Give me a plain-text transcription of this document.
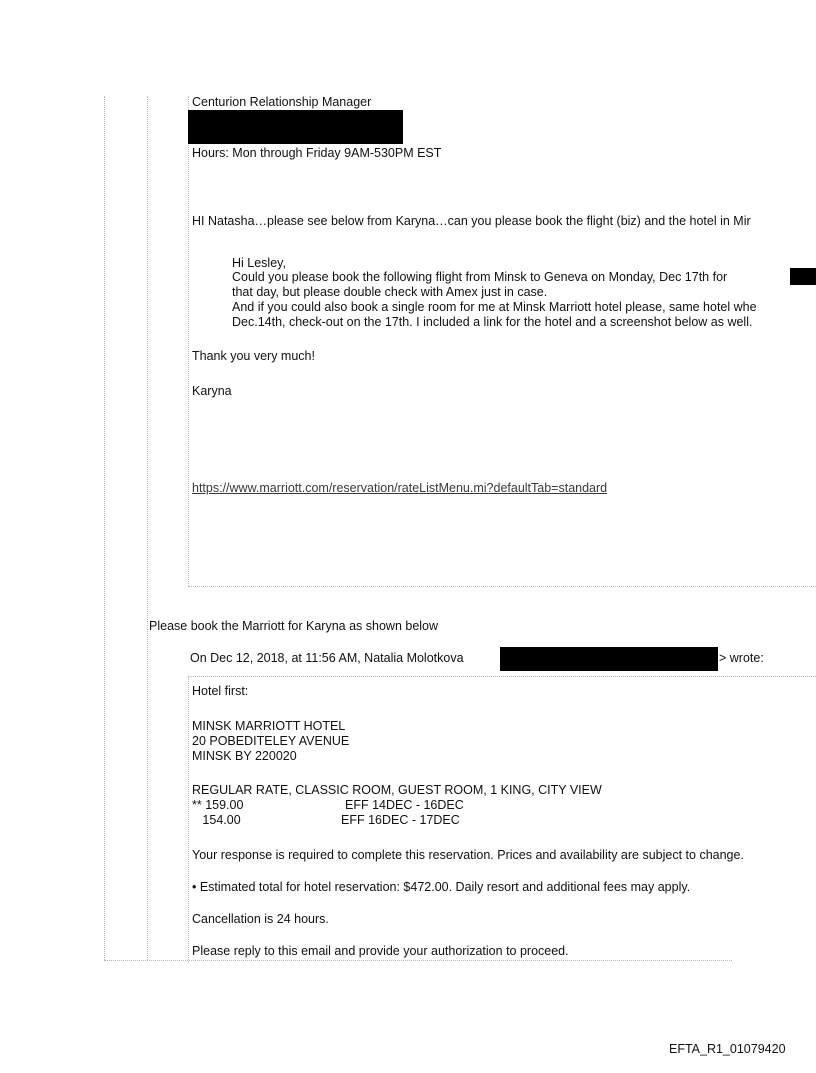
Centurion Relationship Manager
Hours: Mon through Friday 9AM-530PM EST
HI Natasha…please see below from Karyna…can you please book the flight (biz) and the hotel in Mir
Hi Lesley,
Could you please book the following flight from Minsk to Geneva on Monday, Dec 17th for
that day, but please double check with Amex just in case.
And if you could also book a single room for me at Minsk Marriott hotel please, same hotel whe
Dec.14th, check-out on the 17th. I included a link for the hotel and a screenshot below as well.
Thank you very much!
Karyna
https://www.marriott.com/reservation/rateListMenu.mi?defaultTab=standard
Please book the Marriott for Karyna as shown below
On Dec 12, 2018, at 11:56 AM, Natalia Molotkova	> wrote:
Hotel first:
MINSK MARRIOTT HOTEL
20 POBEDITELEY AVENUE
MINSK BY 220020
REGULAR RATE, CLASSIC ROOM, GUEST ROOM, 1 KING, CITY VIEW
** 159.00	EFF 14DEC - 16DEC
154.00	EFF 16DEC - 17DEC
Your response is required to complete this reservation. Prices and availability are subject to change.
• Estimated total for hotel reservation: $472.00. Daily resort and additional fees may apply.
Cancellation is 24 hours.
Please reply to this email and provide your authorization to proceed.
EFTA_R1_01079420
